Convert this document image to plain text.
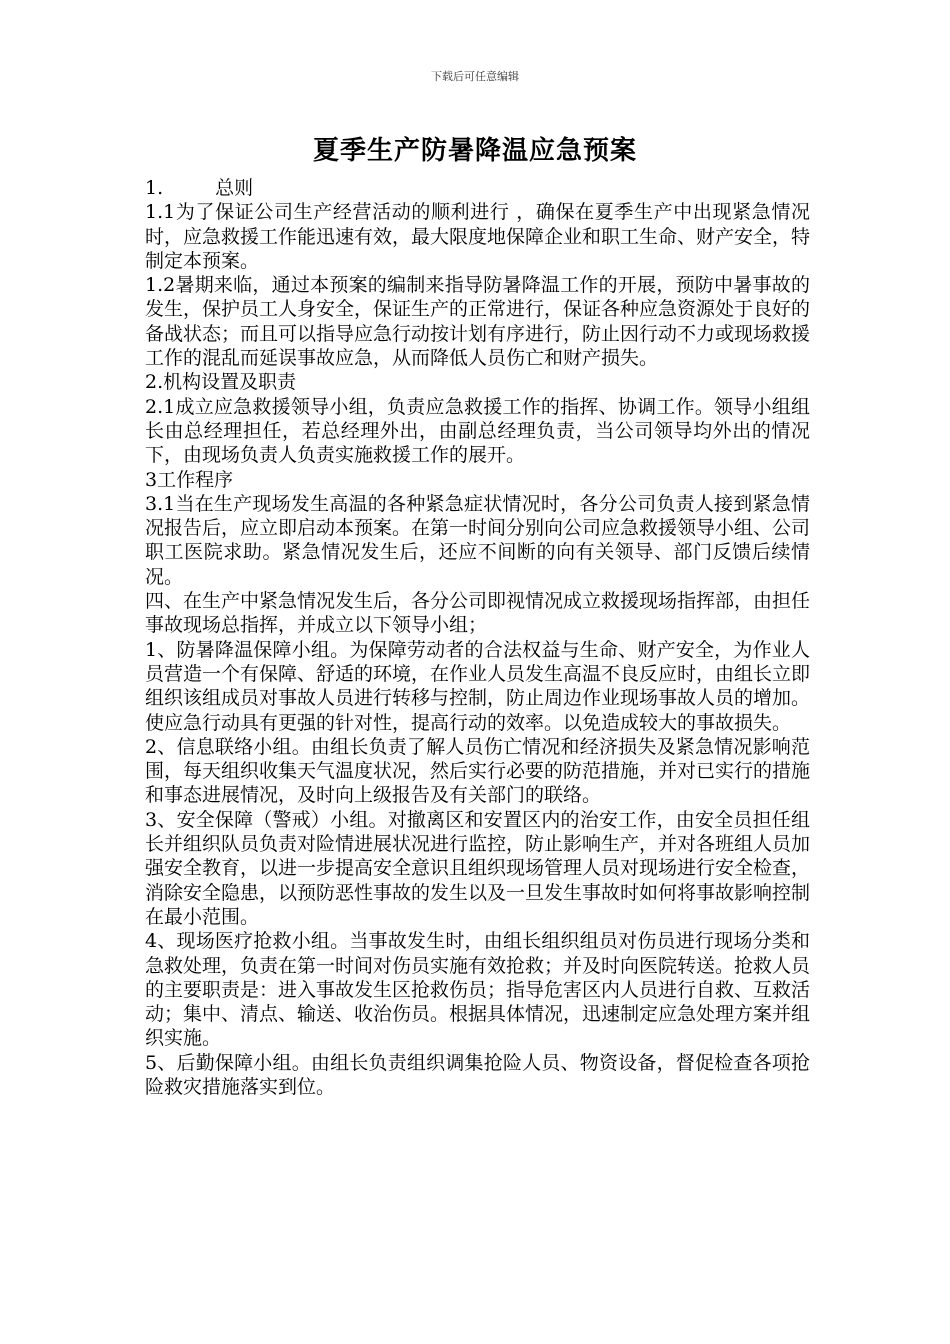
下载后可任意编辑
夏季生产防暑降温应急预案

1.	总则

1.1为了保证公司生产经营活动的顺利进行 ，确保在夏季生产中出现紧急情况时，应急救援工作能迅速有效，最大限度地保障企业和职工生命、财产安全，特制定本预案。

1.2暑期来临，通过本预案的编制来指导防暑降温工作的开展，预防中暑事故的发生，保护员工人身安全，保证生产的正常进行，保证各种应急资源处于良好的备战状态；而且可以指导应急行动按计划有序进行，防止因行动不力或现场救援工作的混乱而延误事故应急，从而降低人员伤亡和财产损失。

2.机构设置及职责

2.1成立应急救援领导小组，负责应急救援工作的指挥、协调工作。领导小组组长由总经理担任，若总经理外出，由副总经理负责，当公司领导均外出的情况下，由现场负责人负责实施救援工作的展开。

3工作程序

3.1当在生产现场发生高温的各种紧急症状情况时，各分公司负责人接到紧急情况报告后，应立即启动本预案。在第一时间分别向公司应急救援领导小组、公司职工医院求助。紧急情况发生后，还应不间断的向有关领导、部门反馈后续情况。

四、在生产中紧急情况发生后，各分公司即视情况成立救援现场指挥部，由担任事故现场总指挥，并成立以下领导小组；

1、防暑降温保障小组。为保障劳动者的合法权益与生命、财产安全，为作业人员营造一个有保障、舒适的环境，在作业人员发生高温不良反应时，由组长立即组织该组成员对事故人员进行转移与控制，防止周边作业现场事故人员的增加。使应急行动具有更强的针对性，提高行动的效率。以免造成较大的事故损失。

2、信息联络小组。由组长负责了解人员伤亡情况和经济损失及紧急情况影响范围，每天组织收集天气温度状况，然后实行必要的防范措施，并对已实行的措施和事态进展情况，及时向上级报告及有关部门的联络。

3、安全保障（警戒）小组。对撤离区和安置区内的治安工作，由安全员担任组长并组织队员负责对险情进展状况进行监控，防止影响生产，并对各班组人员加强安全教育，以进一步提高安全意识且组织现场管理人员对现场进行安全检查，消除安全隐患，以预防恶性事故的发生以及一旦发生事故时如何将事故影响控制在最小范围。

4、现场医疗抢救小组。当事故发生时，由组长组织组员对伤员进行现场分类和急救处理，负责在第一时间对伤员实施有效抢救；并及时向医院转送。抢救人员的主要职责是：进入事故发生区抢救伤员；指导危害区内人员进行自救、互救活动；集中、清点、输送、收治伤员。根据具体情况，迅速制定应急处理方案并组织实施。

5、后勤保障小组。由组长负责组织调集抢险人员、物资设备，督促检查各项抢险救灾措施落实到位。
